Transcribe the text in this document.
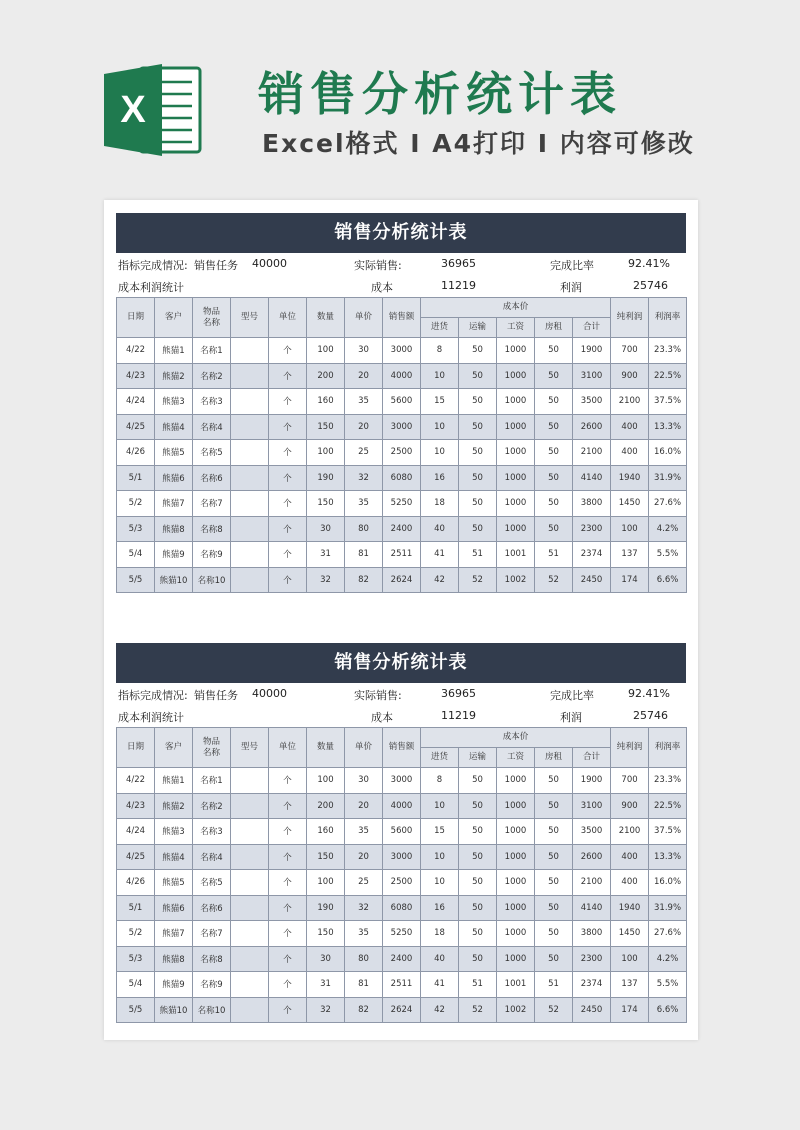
X 销售分析统计表
Excel格式 Ⅰ A4打印 Ⅰ 内容可修改
销售分析统计表
指标完成情况: 销售任务 40000	实际销售:	36965	完成比率	92.41%
成本利润统计	成本	11219	利润	25746
日期	客户	物品名称	型号	单位	数量	单价	销售额	成本价					纯利润	利润率
								进货	运输	工资	房租	合计		
4/22	熊猫1	名称1		个	100	30	3000	8	50	1000	50	1900	700	23.3%
4/23	熊猫2	名称2		个	200	20	4000	10	50	1000	50	3100	900	22.5%
4/24	熊猫3	名称3		个	160	35	5600	15	50	1000	50	3500	2100	37.5%
4/25	熊猫4	名称4		个	150	20	3000	10	50	1000	50	2600	400	13.3%
4/26	熊猫5	名称5		个	100	25	2500	10	50	1000	50	2100	400	16.0%
5/1	熊猫6	名称6		个	190	32	6080	16	50	1000	50	4140	1940	31.9%
5/2	熊猫7	名称7		个	150	35	5250	18	50	1000	50	3800	1450	27.6%
5/3	熊猫8	名称8		个	30	80	2400	40	50	1000	50	2300	100	4.2%
5/4	熊猫9	名称9		个	31	81	2511	41	51	1001	51	2374	137	5.5%
5/5	熊猫10	名称10		个	32	82	2624	42	52	1002	52	2450	174	6.6%
销售分析统计表
指标完成情况: 销售任务 40000	实际销售:	36965	完成比率	92.41%
成本利润统计	成本	11219	利润	25746
日期	客户	物品名称	型号	单位	数量	单价	销售额	成本价					纯利润	利润率
								进货	运输	工资	房租	合计		
4/22	熊猫1	名称1		个	100	30	3000	8	50	1000	50	1900	700	23.3%
4/23	熊猫2	名称2		个	200	20	4000	10	50	1000	50	3100	900	22.5%
4/24	熊猫3	名称3		个	160	35	5600	15	50	1000	50	3500	2100	37.5%
4/25	熊猫4	名称4		个	150	20	3000	10	50	1000	50	2600	400	13.3%
4/26	熊猫5	名称5		个	100	25	2500	10	50	1000	50	2100	400	16.0%
5/1	熊猫6	名称6		个	190	32	6080	16	50	1000	50	4140	1940	31.9%
5/2	熊猫7	名称7		个	150	35	5250	18	50	1000	50	3800	1450	27.6%
5/3	熊猫8	名称8		个	30	80	2400	40	50	1000	50	2300	100	4.2%
5/4	熊猫9	名称9		个	31	81	2511	41	51	1001	51	2374	137	5.5%
5/5	熊猫10	名称10		个	32	82	2624	42	52	1002	52	2450	174	6.6%
